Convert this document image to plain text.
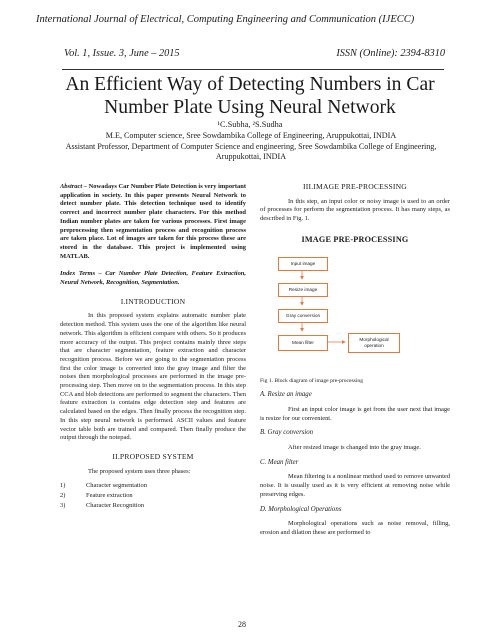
International Journal of Electrical, Computing Engineering and Communication (IJECC)
Vol. 1, Issue. 3, June – 2015	ISSN (Online): 2394-8310
An Efficient Way of Detecting Numbers in Car Number Plate Using Neural Network
¹C.Subha, ²S.Sudha
M.E, Computer science, Sree Sowdambika College of Engineering, Aruppukottai, INDIA
Assistant Professor, Department of Computer Science and engineering, Sree Sowdambika College of Engineering, Aruppukottai, INDIA
Abstract – Nowadays Car Number Plate Detection is very important application in society. In this paper presents Neural Network to detect number plate. This detection technique used to identify correct and incorrect number plate characters. For this method Indian number plates are taken for various processes. First image preprocessing then segmentation process and recognition process are taken place. Lot of images are taken for this process these are stored in the database. This project is implemented using MATLAB.
Index Terms – Car Number Plate Detection, Feature Extraction, Neural Network, Recognition, Segmentation.
I.INTRODUCTION

In this proposed system explains automatic number plate detection method. This system uses the one of the algorithm like neural network. This algorithm is efficient compare with others. So it produces more accuracy of the output. This project contains mainly three steps that are character segmentation, feature extraction and character recognition process. Before we are going to the segmentation process first the color image is converted into the gray image and filter the noises then morphological processes are performed in the image pre-processing step. Then move on to the segmentation process. In this step CCA and blob detections are performed to segment the characters. Then feature extraction is contains edge detection step and features are calculated based on the edges. Then finally process the recognition step. In this step neural network is performed. ASCII values and feature vector table both are trained and compared. Then finally produce the output through the notepad.

II.PROPOSED SYSTEM

The proposed system uses three phases:

1)	Character segmentation
2)	Feature extraction
3)	Character Recognition
III.IMAGE PRE-PROCESSING

In this step, an input color or noisy image is used to an order of processes for perform the segmentation process. It has many steps, as described in Fig. 1.

IMAGE PRE-PROCESSING
Input image
Resize image
Gray conversion
Mean filter
Morphological operation
Fig 1. Block diagram of image pre-processing
A. Resize an image

First an input color image is get from the user next that image is resize for our convenient.

B. Gray conversion

After resized image is changed into the gray image.

C. Mean filter

Mean filtering is a nonlinear method used to remove unwanted noise. It is usually used as it is very efficient at removing noise while preserving edges.

D. Morphological Operations

Morphological operations such as noise removal, filling, erosion and dilation these are performed to

28
